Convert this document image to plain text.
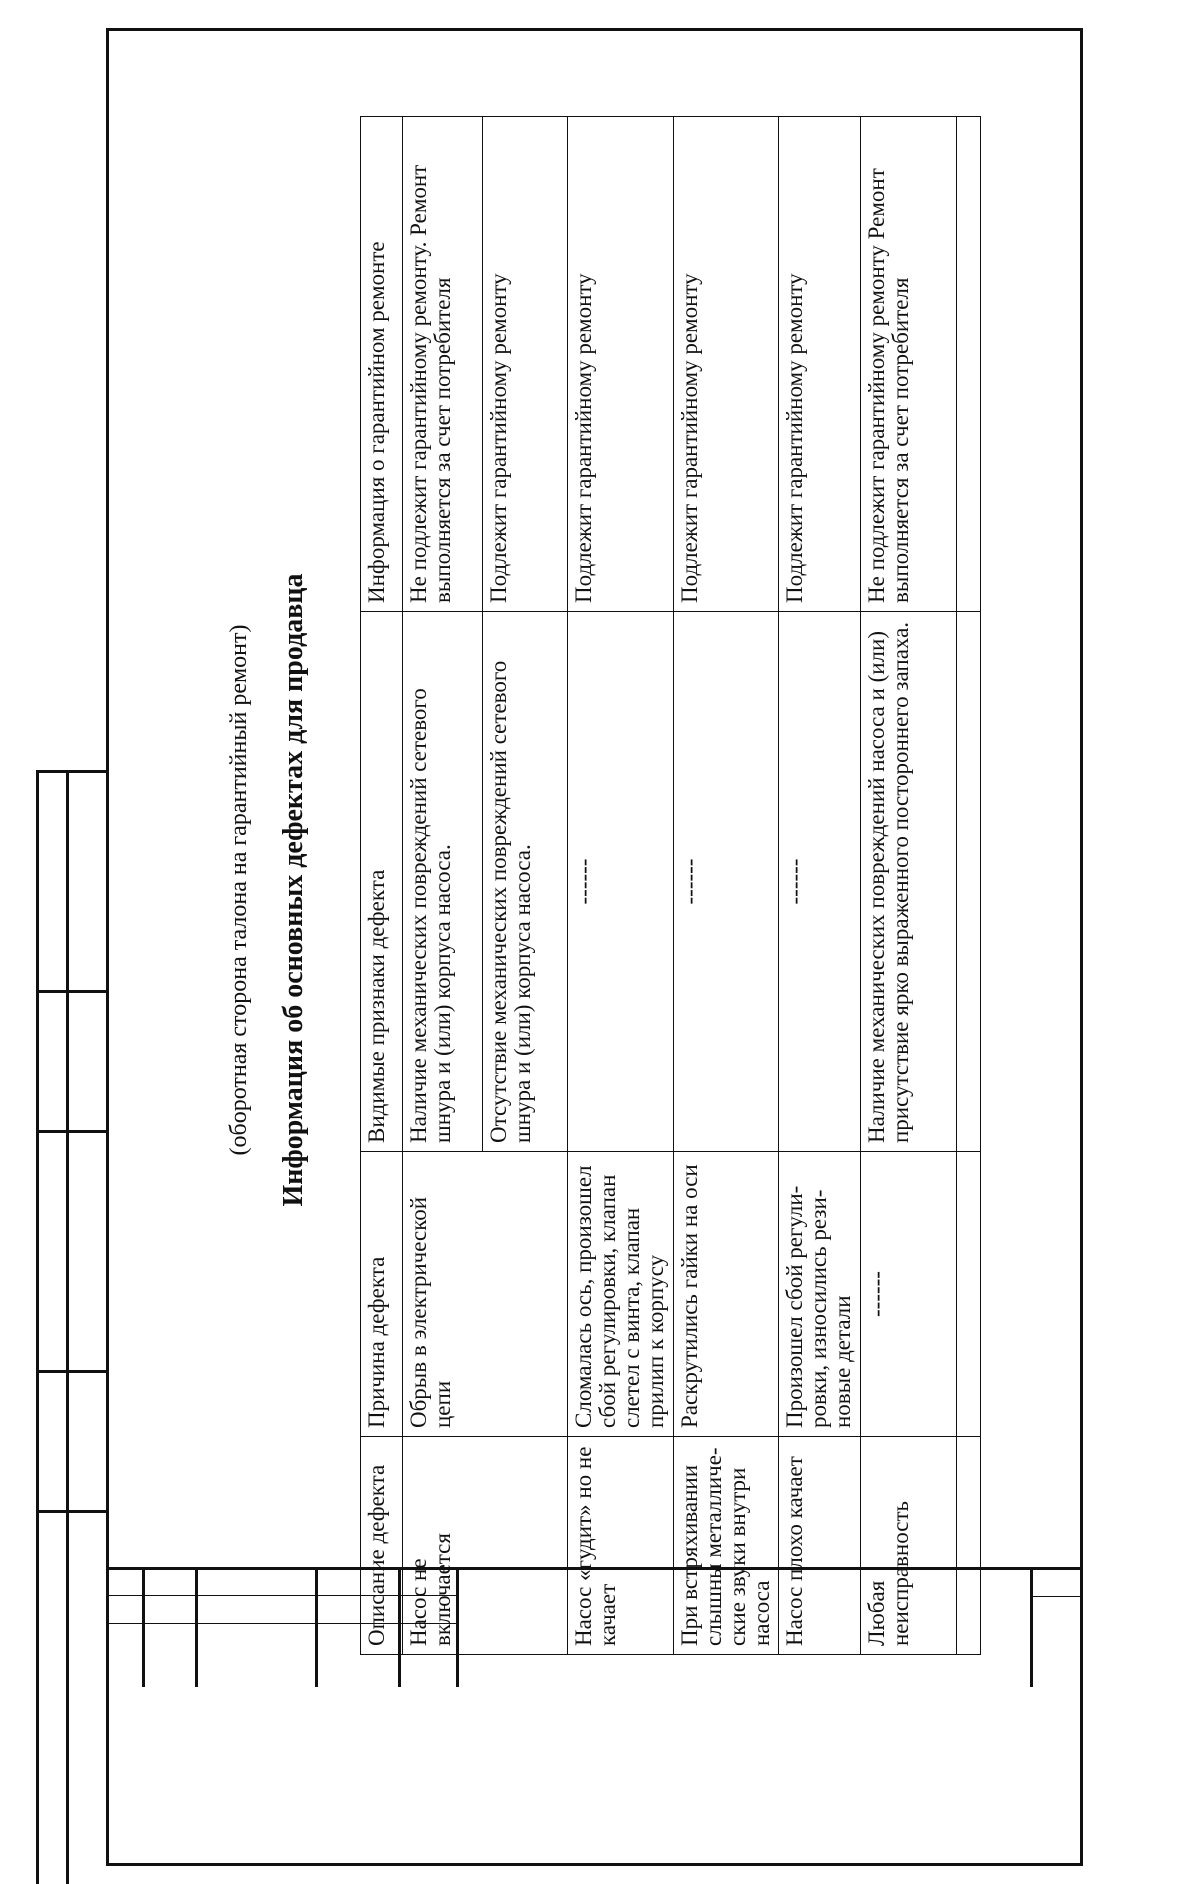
(оборотная сторона талона на гарантийный ремонт) Информация об основных дефектах для продавца
Описание дефекта	Причина дефекта	Видимые признаки дефекта	Информация о гарантийном ремонте
Насос не включается	Обрыв в электрической цепи	Наличие механических повреждений сетевого шнура и (или) корпуса насоса.	Не подлежит гарантийному ремонту. Ремонт выполняется за счет потребителя
		Отсутствие механических повреждений сетевого шнура и (или) корпуса насоса.	Подлежит гарантийному ремонту
Насос «гудит» но не качает	Сломалась ось, произошел сбой регулировки, клапан слетел с винта, клапан прилип к корпусу	------	Подлежит гарантийному ремонту
При встряхивании слышны металлические звуки внутри насоса	Раскрутились гайки на оси	------	Подлежит гарантийному ремонту
Насос плохо качает	Произошел сбой регулировки, износились резиновые детали	------	Подлежит гарантийному ремонту
Любая неисправность	------	Наличие механических повреждений насоса и (или) присутствие ярко выраженного постороннего запаха.	Не подлежит гарантийному ремонту Ремонт выполняется за счет потребителя
